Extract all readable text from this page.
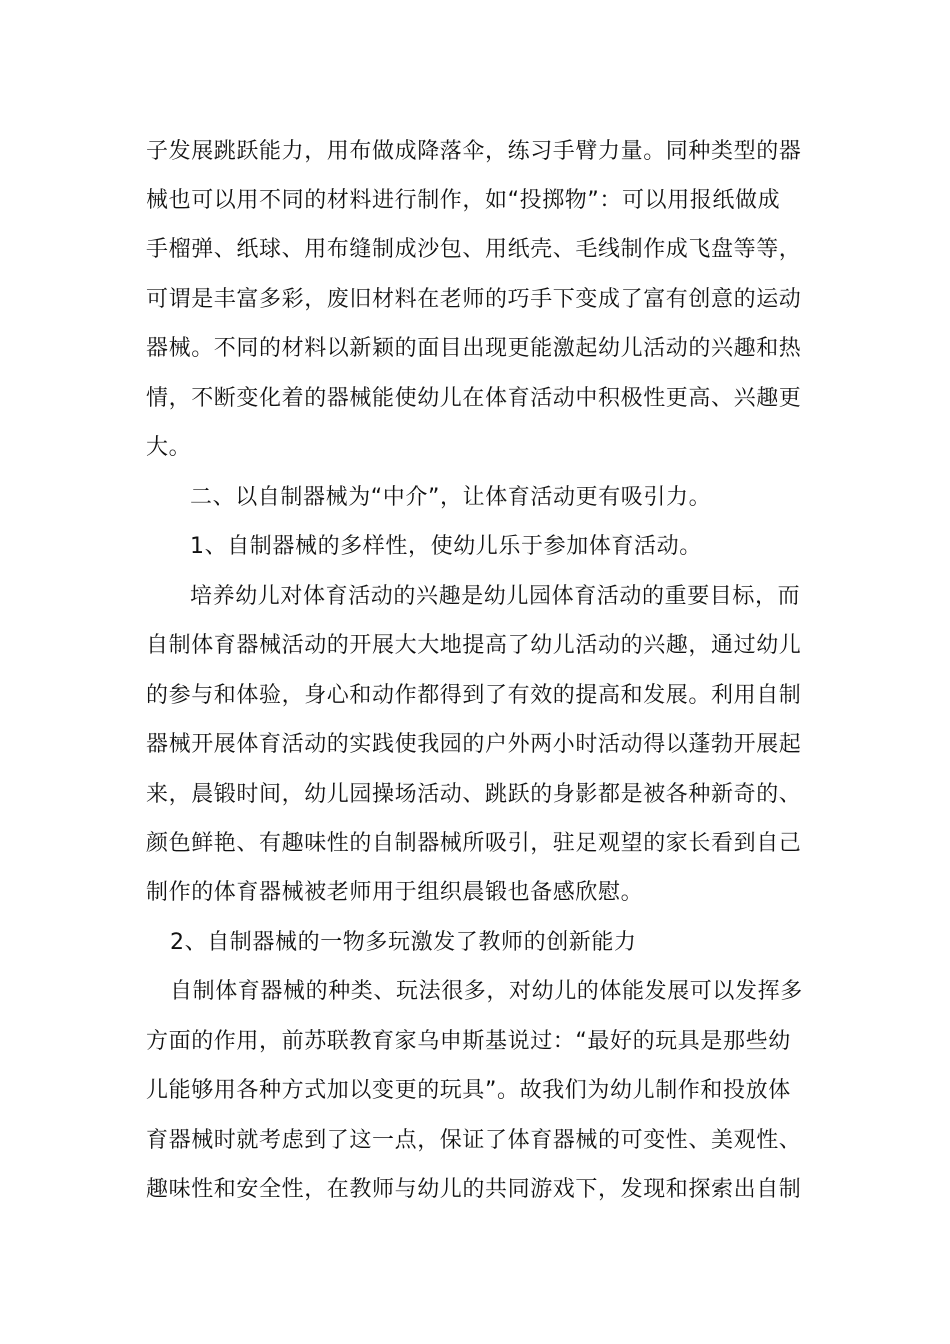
子发展跳跃能力，用布做成降落伞，练习手臂力量。同种类型的器
械也可以用不同的材料进行制作，如“投掷物”：可以用报纸做成
手榴弹、纸球、用布缝制成沙包、用纸壳、毛线制作成飞盘等等，
可谓是丰富多彩，废旧材料在老师的巧手下变成了富有创意的运动
器械。不同的材料以新颖的面目出现更能激起幼儿活动的兴趣和热
情，不断变化着的器械能使幼儿在体育活动中积极性更高、兴趣更
大。
二、以自制器械为“中介”，让体育活动更有吸引力。
1、自制器械的多样性，使幼儿乐于参加体育活动。
培养幼儿对体育活动的兴趣是幼儿园体育活动的重要目标，而
自制体育器械活动的开展大大地提高了幼儿活动的兴趣，通过幼儿
的参与和体验，身心和动作都得到了有效的提高和发展。利用自制
器械开展体育活动的实践使我园的户外两小时活动得以蓬勃开展起
来，晨锻时间，幼儿园操场活动、跳跃的身影都是被各种新奇的、
颜色鲜艳、有趣味性的自制器械所吸引，驻足观望的家长看到自己
制作的体育器械被老师用于组织晨锻也备感欣慰。
2、自制器械的一物多玩激发了教师的创新能力
自制体育器械的种类、玩法很多，对幼儿的体能发展可以发挥多
方面的作用，前苏联教育家乌申斯基说过：“最好的玩具是那些幼
儿能够用各种方式加以变更的玩具”。故我们为幼儿制作和投放体
育器械时就考虑到了这一点，保证了体育器械的可变性、美观性、
趣味性和安全性，在教师与幼儿的共同游戏下，发现和探索出自制
